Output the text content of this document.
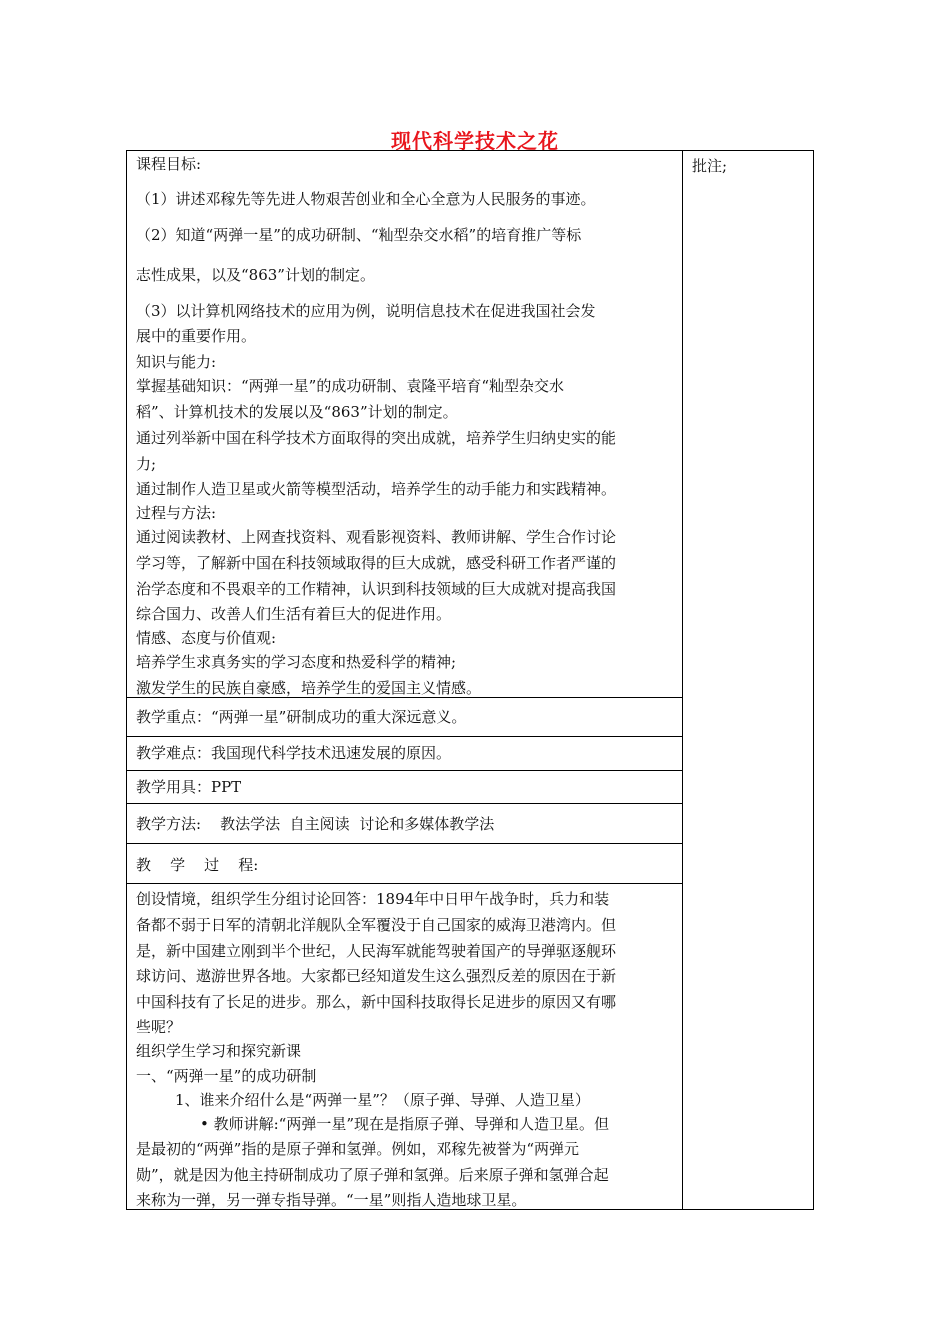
现代科学技术之花
批注;
课程目标:
（1）讲述邓稼先等先进人物艰苦创业和全心全意为人民服务的事迹。
（2）知道“两弹一星”的成功研制、“籼型杂交水稻”的培育推广等标
志性成果，以及“863”计划的制定。
（3）以计算机网络技术的应用为例，说明信息技术在促进我国社会发
展中的重要作用。
知识与能力:
掌握基础知识：“两弹一星”的成功研制、袁隆平培育“籼型杂交水
稻”、计算机技术的发展以及“863”计划的制定。
通过列举新中国在科学技术方面取得的突出成就，培养学生归纳史实的能
力;
通过制作人造卫星或火箭等模型活动，培养学生的动手能力和实践精神。
过程与方法:
通过阅读教材、上网查找资料、观看影视资料、教师讲解、学生合作讨论
学习等，了解新中国在科技领域取得的巨大成就，感受科研工作者严谨的
治学态度和不畏艰辛的工作精神，认识到科技领域的巨大成就对提高我国
综合国力、改善人们生活有着巨大的促进作用。
情感、态度与价值观:
培养学生求真务实的学习态度和热爱科学的精神;
激发学生的民族自豪感，培养学生的爱国主义情感。
教学重点：“两弹一星”研制成功的重大深远意义。
教学难点：我国现代科学技术迅速发展的原因。
教学用具：PPT
教学方法:    教法学法  自主阅读  讨论和多媒体教学法
教    学    过    程:
创设情境，组织学生分组讨论回答：1894年中日甲午战争时，兵力和装
备都不弱于日军的清朝北洋舰队全军覆没于自己国家的威海卫港湾内。但
是，新中国建立刚到半个世纪，人民海军就能驾驶着国产的导弹驱逐舰环
球访问、遨游世界各地。大家都已经知道发生这么强烈反差的原因在于新
中国科技有了长足的进步。那么，新中国科技取得长足进步的原因又有哪
些呢？
组织学生学习和探究新课
一、“两弹一星”的成功研制
1、谁来介绍什么是“两弹一星”？（原子弹、导弹、人造卫星）
• 教师讲解:“两弹一星”现在是指原子弹、导弹和人造卫星。但
是最初的“两弹”指的是原子弹和氢弹。例如，邓稼先被誉为“两弹元
勋”，就是因为他主持研制成功了原子弹和氢弹。后来原子弹和氢弹合起
来称为一弹，另一弹专指导弹。“一星”则指人造地球卫星。
